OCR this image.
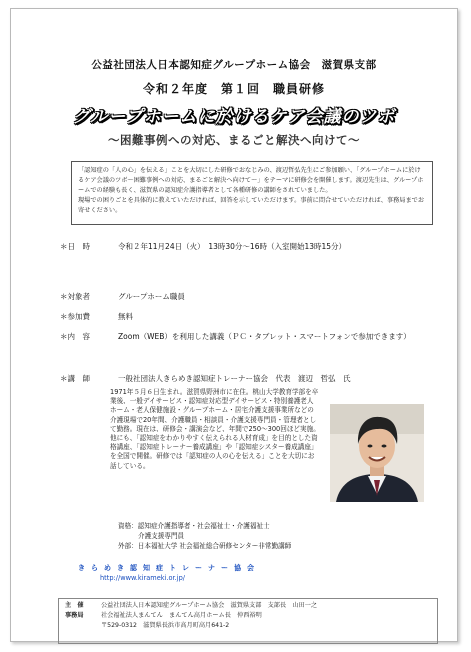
公益社団法人日本認知症グループホーム協会　滋賀県支部
令和２年度　第１回　職員研修
グループホームに於けるケア会議のツボ
～困難事例への対応、まるごと解決へ向けて～

「認知症の「人の心」を伝える」ことを大切にした研修でおなじみの、渡辺哲弘先生にご参加願い、「グループホームに於けるケア会議のツボ～困難事例への対応、まるごと解決へ向けて～」をテーマに研修会を開催します。渡辺先生は、グループホームでの経験も長く、滋賀県の認知症介護指導者として各種研修の講師をされていました。

現場での困りごとを具体的に教えていただければ、回答を示していただけます。事前に問合せていただければ、事務局までお寄せください。

＊日　時	令和２年11月24日（火）　13時30分～16時（入室開始13時15分）
＊対象者	グループホーム職員
＊参加費	無料
＊内　容	Zoom（WEB）を利用した講義（ＰＣ・タブレット・スマートフォンで参加できます）
＊講　師	一般社団法人きらめき認知症トレーナー協会　代表　渡辺　哲弘　氏

1971年５月６日生まれ。滋賀県野洲市に在住。桃山大学教育学部を卒業後、一般デイサービス・認知症対応型デイサービス・特別養護老人ホーム・老人保健施設・グループホーム・居宅介護支援事業所などの介護現場で20年間、介護職員・相談員・介護支援専門員・管理者として勤務。現在は、研修会・講演会など、年間で250～300回ほど実施。他にも、「認知症をわかりやすく伝えられる人材育成」を目的とした資格講座、「認知症トレーナー養成講座」や「認知症シスター養成講座」を全国で開催。研修では「認知症の人の心を伝える」ことを大切にお話している。

資格：認知症介護指導者・社会福祉士・介護福祉士
介護支援専門員
外部：日本福祉大学 社会福祉総合研修センター非常勤講師
きらめき認知症トレーナー協会
http://www.kirameki.or.jp/
主　催	公益社団法人日本認知症グループホーム協会　滋賀県支部　支部長　山田一之
事務局	社会福祉法人まんてん　まんてん高月ホーム長　仲西裕明
〒529-0312　滋賀県長浜市高月町高月641-2
